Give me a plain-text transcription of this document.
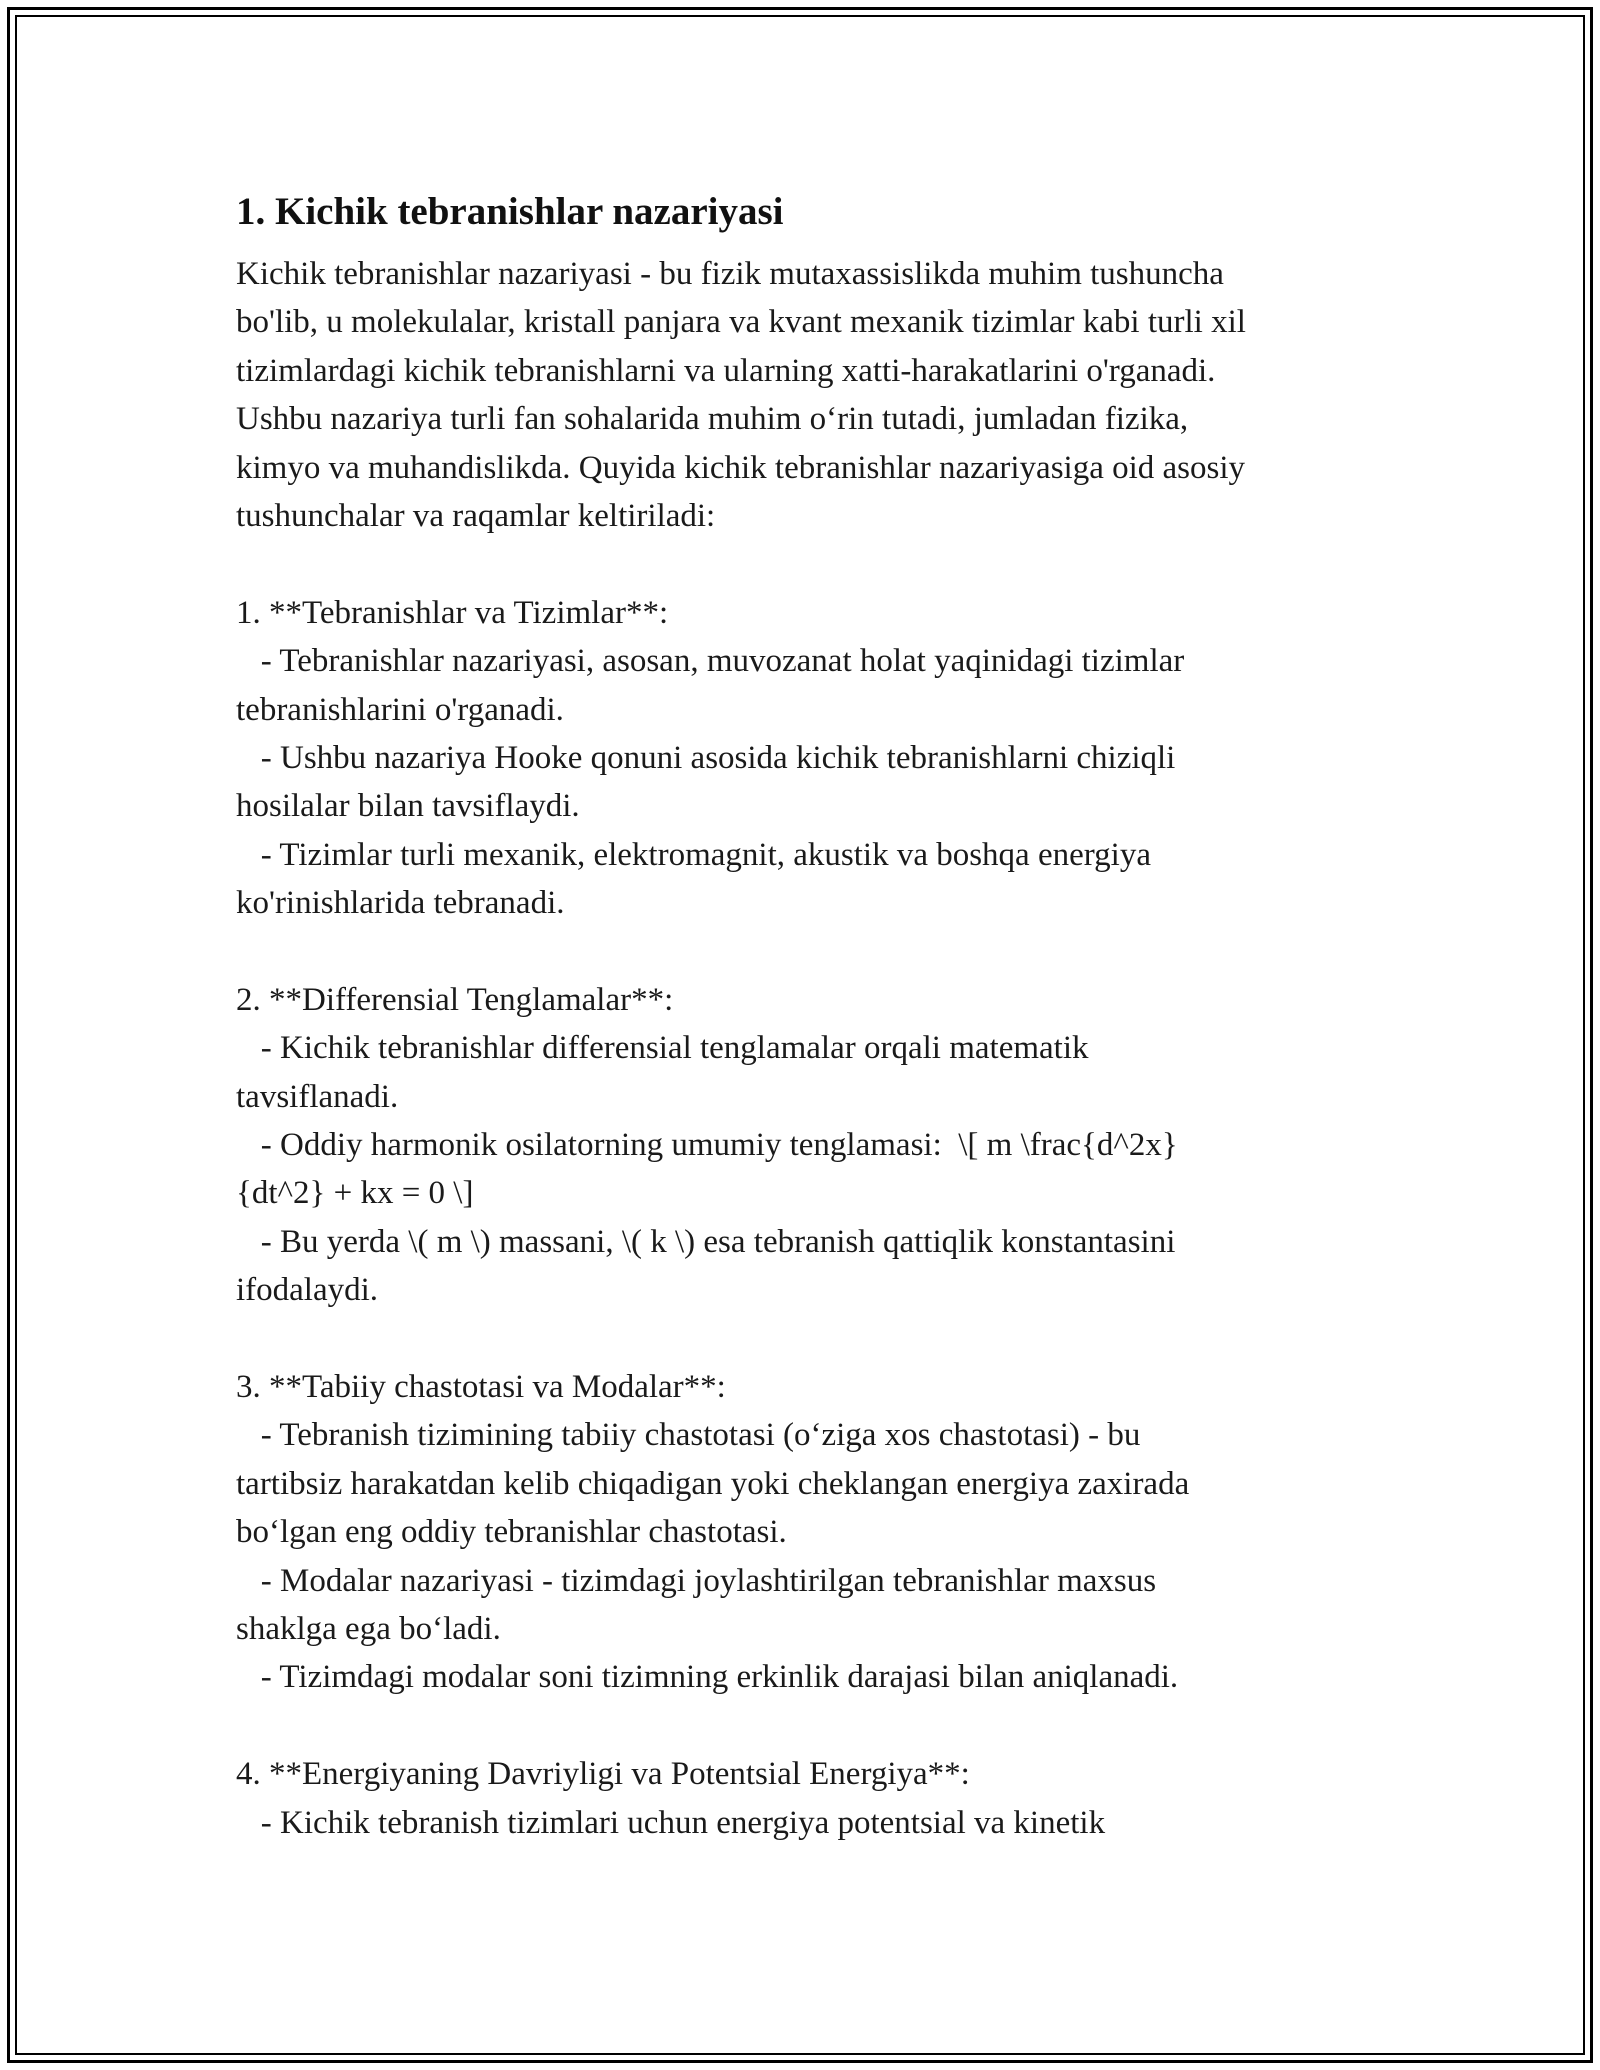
1. Kichik tebranishlar nazariyasi
Kichik tebranishlar nazariyasi - bu fizik mutaxassislikda muhim tushuncha
bo'lib, u molekulalar, kristall panjara va kvant mexanik tizimlar kabi turli xil
tizimlardagi kichik tebranishlarni va ularning xatti-harakatlarini o'rganadi.
Ushbu nazariya turli fan sohalarida muhim o‘rin tutadi, jumladan fizika,
kimyo va muhandislikda. Quyida kichik tebranishlar nazariyasiga oid asosiy
tushunchalar va raqamlar keltiriladi:
1. **Tebranishlar va Tizimlar**:
- Tebranishlar nazariyasi, asosan, muvozanat holat yaqinidagi tizimlar
tebranishlarini o'rganadi.
- Ushbu nazariya Hooke qonuni asosida kichik tebranishlarni chiziqli
hosilalar bilan tavsiflaydi.
- Tizimlar turli mexanik, elektromagnit, akustik va boshqa energiya
ko'rinishlarida tebranadi.
2. **Differensial Tenglamalar**:
- Kichik tebranishlar differensial tenglamalar orqali matematik
tavsiflanadi.
- Oddiy harmonik osilatorning umumiy tenglamasi:  \[ m \frac{d^2x}
{dt^2} + kx = 0 \]
- Bu yerda \( m \) massani, \( k \) esa tebranish qattiqlik konstantasini
ifodalaydi.
3. **Tabiiy chastotasi va Modalar**:
- Tebranish tizimining tabiiy chastotasi (o‘ziga xos chastotasi) - bu
tartibsiz harakatdan kelib chiqadigan yoki cheklangan energiya zaxirada
bo‘lgan eng oddiy tebranishlar chastotasi.
- Modalar nazariyasi - tizimdagi joylashtirilgan tebranishlar maxsus
shaklga ega bo‘ladi.
- Tizimdagi modalar soni tizimning erkinlik darajasi bilan aniqlanadi.
4. **Energiyaning Davriyligi va Potentsial Energiya**:
- Kichik tebranish tizimlari uchun energiya potentsial va kinetik
